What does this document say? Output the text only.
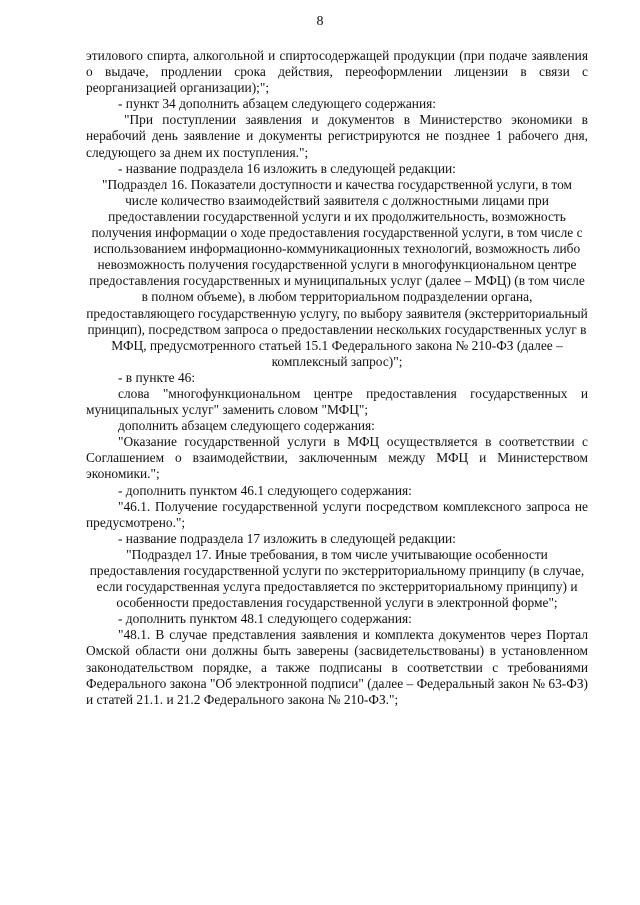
8

этилового спирта, алкогольной и спиртосодержащей продукции (при подаче заявления о выдаче, продлении срока действия, переоформлении лицензии в связи с реорганизацией организации);";

- пункт 34 дополнить абзацем следующего содержания:

"При поступлении заявления и документов в Министерство экономики в нерабочий день заявление и документы регистрируются не позднее 1 рабочего дня, следующего за днем их поступления.";

- название подраздела 16 изложить в следующей редакции:

"Подраздел 16. Показатели доступности и качества государственной услуги, в том числе количество взаимодействий заявителя с должностными лицами при предоставлении государственной услуги и их продолжительность, возможность получения информации о ходе предоставления государственной услуги, в том числе с использованием информационно-коммуникационных технологий, возможность либо невозможность получения государственной услуги в многофункциональном центре предоставления государственных и муниципальных услуг (далее – МФЦ) (в том числе в полном объеме), в любом территориальном подразделении органа, предоставляющего государственную услугу, по выбору заявителя (экстерриториальный принцип), посредством запроса о предоставлении нескольких государственных услуг в МФЦ, предусмотренного статьей 15.1 Федерального закона № 210-ФЗ (далее – комплексный запрос)";

- в пункте 46:

слова "многофункциональном центре предоставления государственных и муниципальных услуг" заменить словом "МФЦ";

дополнить абзацем следующего содержания:

"Оказание государственной услуги в МФЦ осуществляется в соответствии с Соглашением о взаимодействии, заключенным между МФЦ и Министерством экономики.";

- дополнить пунктом 46.1 следующего содержания:

"46.1. Получение государственной услуги посредством комплексного запроса не предусмотрено.";

- название подраздела 17 изложить в следующей редакции:

"Подраздел 17. Иные требования, в том числе учитывающие особенности предоставления государственной услуги по экстерриториальному принципу (в случае, если государственная услуга предоставляется по экстерриториальному принципу) и особенности предоставления государственной услуги в электронной форме";

- дополнить пунктом 48.1 следующего содержания:

"48.1. В случае представления заявления и комплекта документов через Портал Омской области они должны быть заверены (засвидетельствованы) в установленном законодательством порядке, а также подписаны в соответствии с требованиями Федерального закона "Об электронной подписи" (далее – Федеральный закон № 63-ФЗ) и статей 21.1. и 21.2 Федерального закона № 210-ФЗ.";
